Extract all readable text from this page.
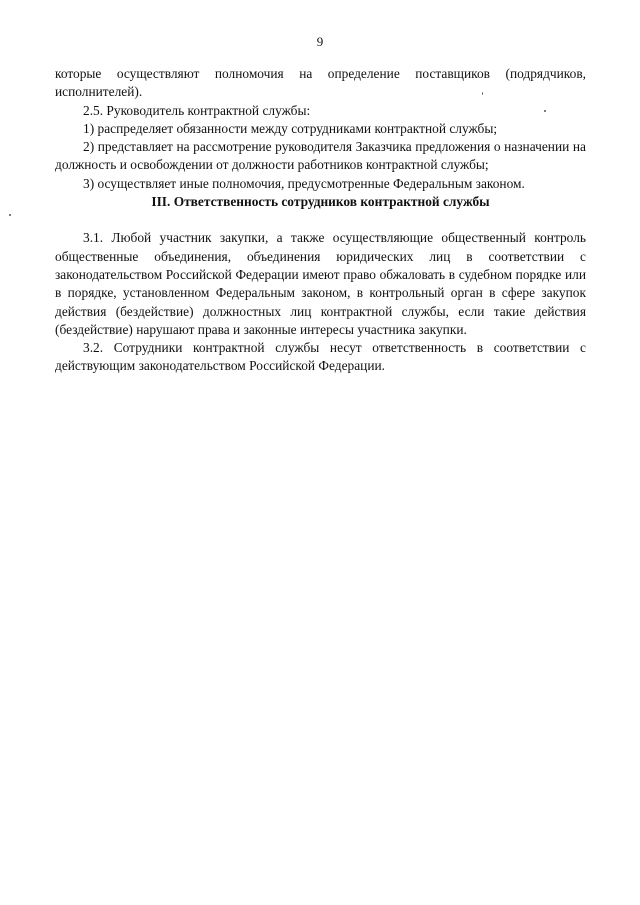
9

которые осуществляют полномочия на определение поставщиков (подрядчиков, исполнителей).

2.5. Руководитель контрактной службы:

1) распределяет обязанности между сотрудниками контрактной службы;

2) представляет на рассмотрение руководителя Заказчика предложения о назначении на должность и освобождении от должности работников контрактной службы;

3) осуществляет иные полномочия, предусмотренные Федеральным законом.

III. Ответственность сотрудников контрактной службы

3.1. Любой участник закупки, а также осуществляющие общественный контроль общественные объединения, объединения юридических лиц в соответствии с законодательством Российской Федерации имеют право обжаловать в судебном порядке или в порядке, установленном Федеральным законом, в контрольный орган в сфере закупок действия (бездействие) должностных лиц контрактной службы, если такие действия (бездействие) нарушают права и законные интересы участника закупки.

3.2. Сотрудники контрактной службы несут ответственность в соответствии с действующим законодательством Российской Федерации.
